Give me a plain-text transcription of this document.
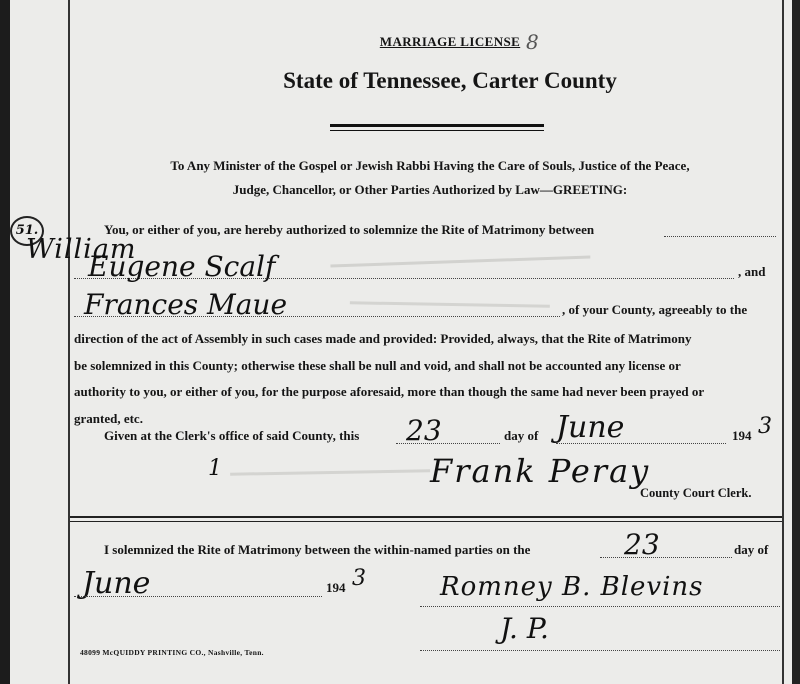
MARRIAGE LICENSE 8
State of Tennessee, Carter County
To Any Minister of the Gospel or Jewish Rabbi Having the Care of Souls, Justice of the Peace,
Judge, Chancellor, or Other Parties Authorized by Law—GREETING:
51.
William
You, or either of you, are hereby authorized to solemnize the Rite of Matrimony between
Eugene Scalf	, and
Frances Maue	, of your County, agreeably to the
direction of the act of Assembly in such cases made and provided: Provided, always, that the Rite of Matrimony
be solemnized in this County; otherwise these shall be null and void, and shall not be accounted any license or
authority to you, or either of you, for the purpose aforesaid, more than though the same had never been prayed or
granted, etc.
Given at the Clerk's office of said County, this	23	day of June	194 3
1	Frank Peray
County Court Clerk.
I solemnized the Rite of Matrimony between the within-named parties on the	23	day of
June	194 3	Romney B. Blevins
J. P.
48099 McQUIDDY PRINTING CO., Nashville, Tenn.
